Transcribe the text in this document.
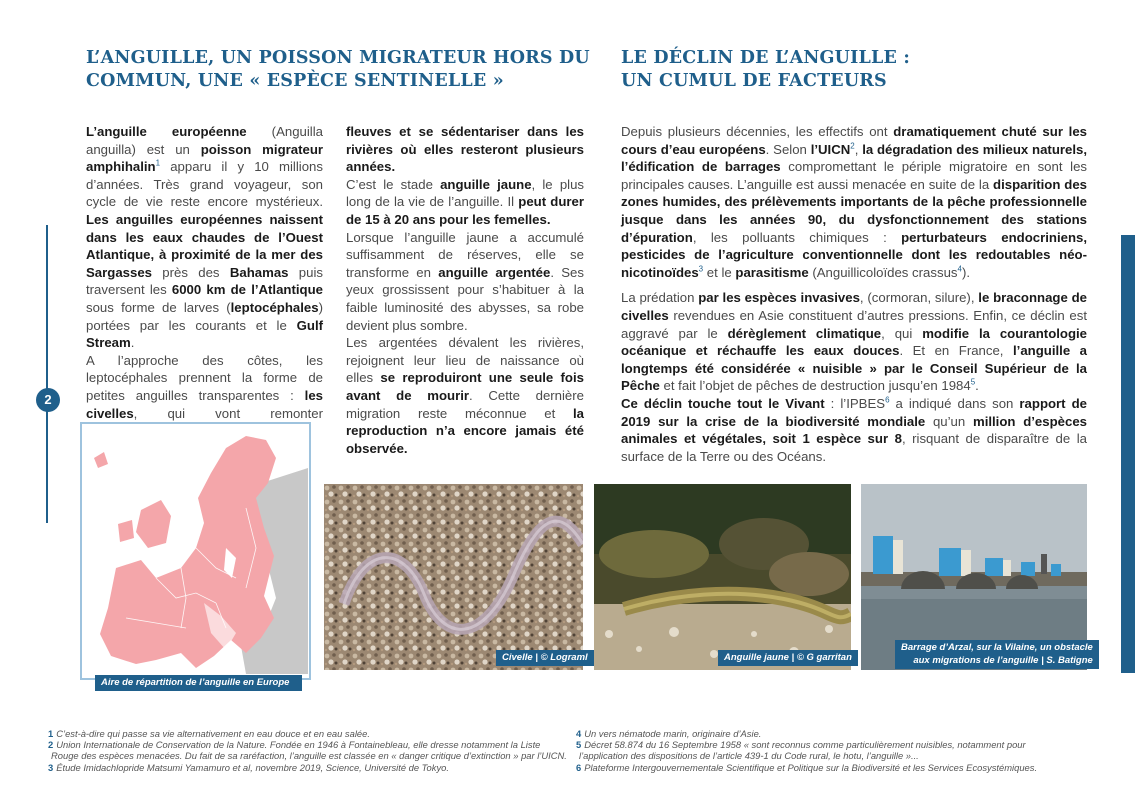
L’ANGUILLE, UN POISSON MIGRATEUR HORS DU
COMMUN, UNE « ESPÈCE SENTINELLE »
LE DÉCLIN DE L’ANGUILLE :
UN CUMUL DE FACTEURS
2

L’anguille européenne (Anguilla anguilla) est un poisson migrateur amphihalin$^1$ apparu il y 10 millions d’années. Très grand voyageur, son cycle de vie reste encore mystérieux. Les anguilles européennes naissent dans les eaux chaudes de l’Ouest Atlantique, à proximité de la mer des Sargasses près des Bahamas puis traversent les 6000 km de l’Atlantique sous forme de larves (leptocéphales) portées par les courants et le Gulf Stream.
A l’approche des côtes, les leptocéphales prennent la forme de petites anguilles transparentes : les civelles, qui vont remonter

fleuves et se sédentariser dans les rivières où elles resteront plusieurs années.
C’est le stade anguille jaune, le plus long de la vie de l’anguille. Il peut durer de 15 à 20 ans pour les femelles.
Lorsque l’anguille jaune a accumulé suffisamment de réserves, elle se transforme en anguille argentée. Ses yeux grossissent pour s’habituer à la faible luminosité des abysses, sa robe devient plus sombre.
Les argentées dévalent les rivières, rejoignent leur lieu de naissance où elles se reproduiront une seule fois avant de mourir. Cette dernière migration reste méconnue et la reproduction n’a encore jamais été observée.

Depuis plusieurs décennies, les effectifs ont dramatiquement chuté sur les cours d’eau européens. Selon l’UICN$^2$, la dégradation des milieux naturels, l’édification de barrages compromettant le périple migratoire en sont les principales causes. L’anguille est aussi menacée en suite de la disparition des zones humides, des prélèvements importants de la pêche professionnelle jusque dans les années 90, du dysfonctionnement des stations d’épuration, les polluants chimiques : perturbateurs endocriniens, pesticides de l’agriculture conventionnelle dont les redoutables néo-nicotinoïdes$^3$ et le parasitisme (Anguillicoloïdes crassus$^4$).

La prédation par les espèces invasives, (cormoran, silure), le braconnage de civelles revendues en Asie constituent d’autres pressions. Enfin, ce déclin est aggravé par le dérèglement climatique, qui modifie la courantologie océanique et réchauffe les eaux douces. Et en France, l’anguille a longtemps été considérée « nuisible » par le Conseil Supérieur de la Pêche et fait l’objet de pêches de destruction jusqu’en 1984$^5$.
Ce déclin touche tout le Vivant : l’IPBES$^6$ a indiqué dans son rapport de 2019 sur la crise de la biodiversité mondiale qu’un million d’espèces animales et végétales, soit 1 espèce sur 8, risquant de disparaître de la surface de la Terre ou des Océans.

Aire de répartition de l’anguille en Europe
Civelle | © Lograml	Anguille jaune | © G garritan
Barrage d’Arzal, sur la Vilaine, un obstacle
aux migrations de l’anguille | S. Batigne
1 C’est-à-dire qui passe sa vie alternativement en eau douce et en eau salée.
2 Union Internationale de Conservation de la Nature. Fondée en 1946 à Fontainebleau, elle dresse notamment la Liste
Rouge des espèces menacées. Du fait de sa raréfaction, l’anguille est classée en « danger critique d’extinction » par l’UICN.
3 Étude Imidachlopride Matsumi Yamamuro et al, novembre 2019, Science, Université de Tokyo.
4 Un vers nématode marin, originaire d’Asie.
5 Décret 58.874 du 16 Septembre 1958 « sont reconnus comme particulièrement nuisibles, notamment pour
l’application des dispositions de l’article 439-1 du Code rural, le hotu, l’anguille »...
6 Plateforme Intergouvernementale Scientifique et Politique sur la Biodiversité et les Services Ecosystémiques.
